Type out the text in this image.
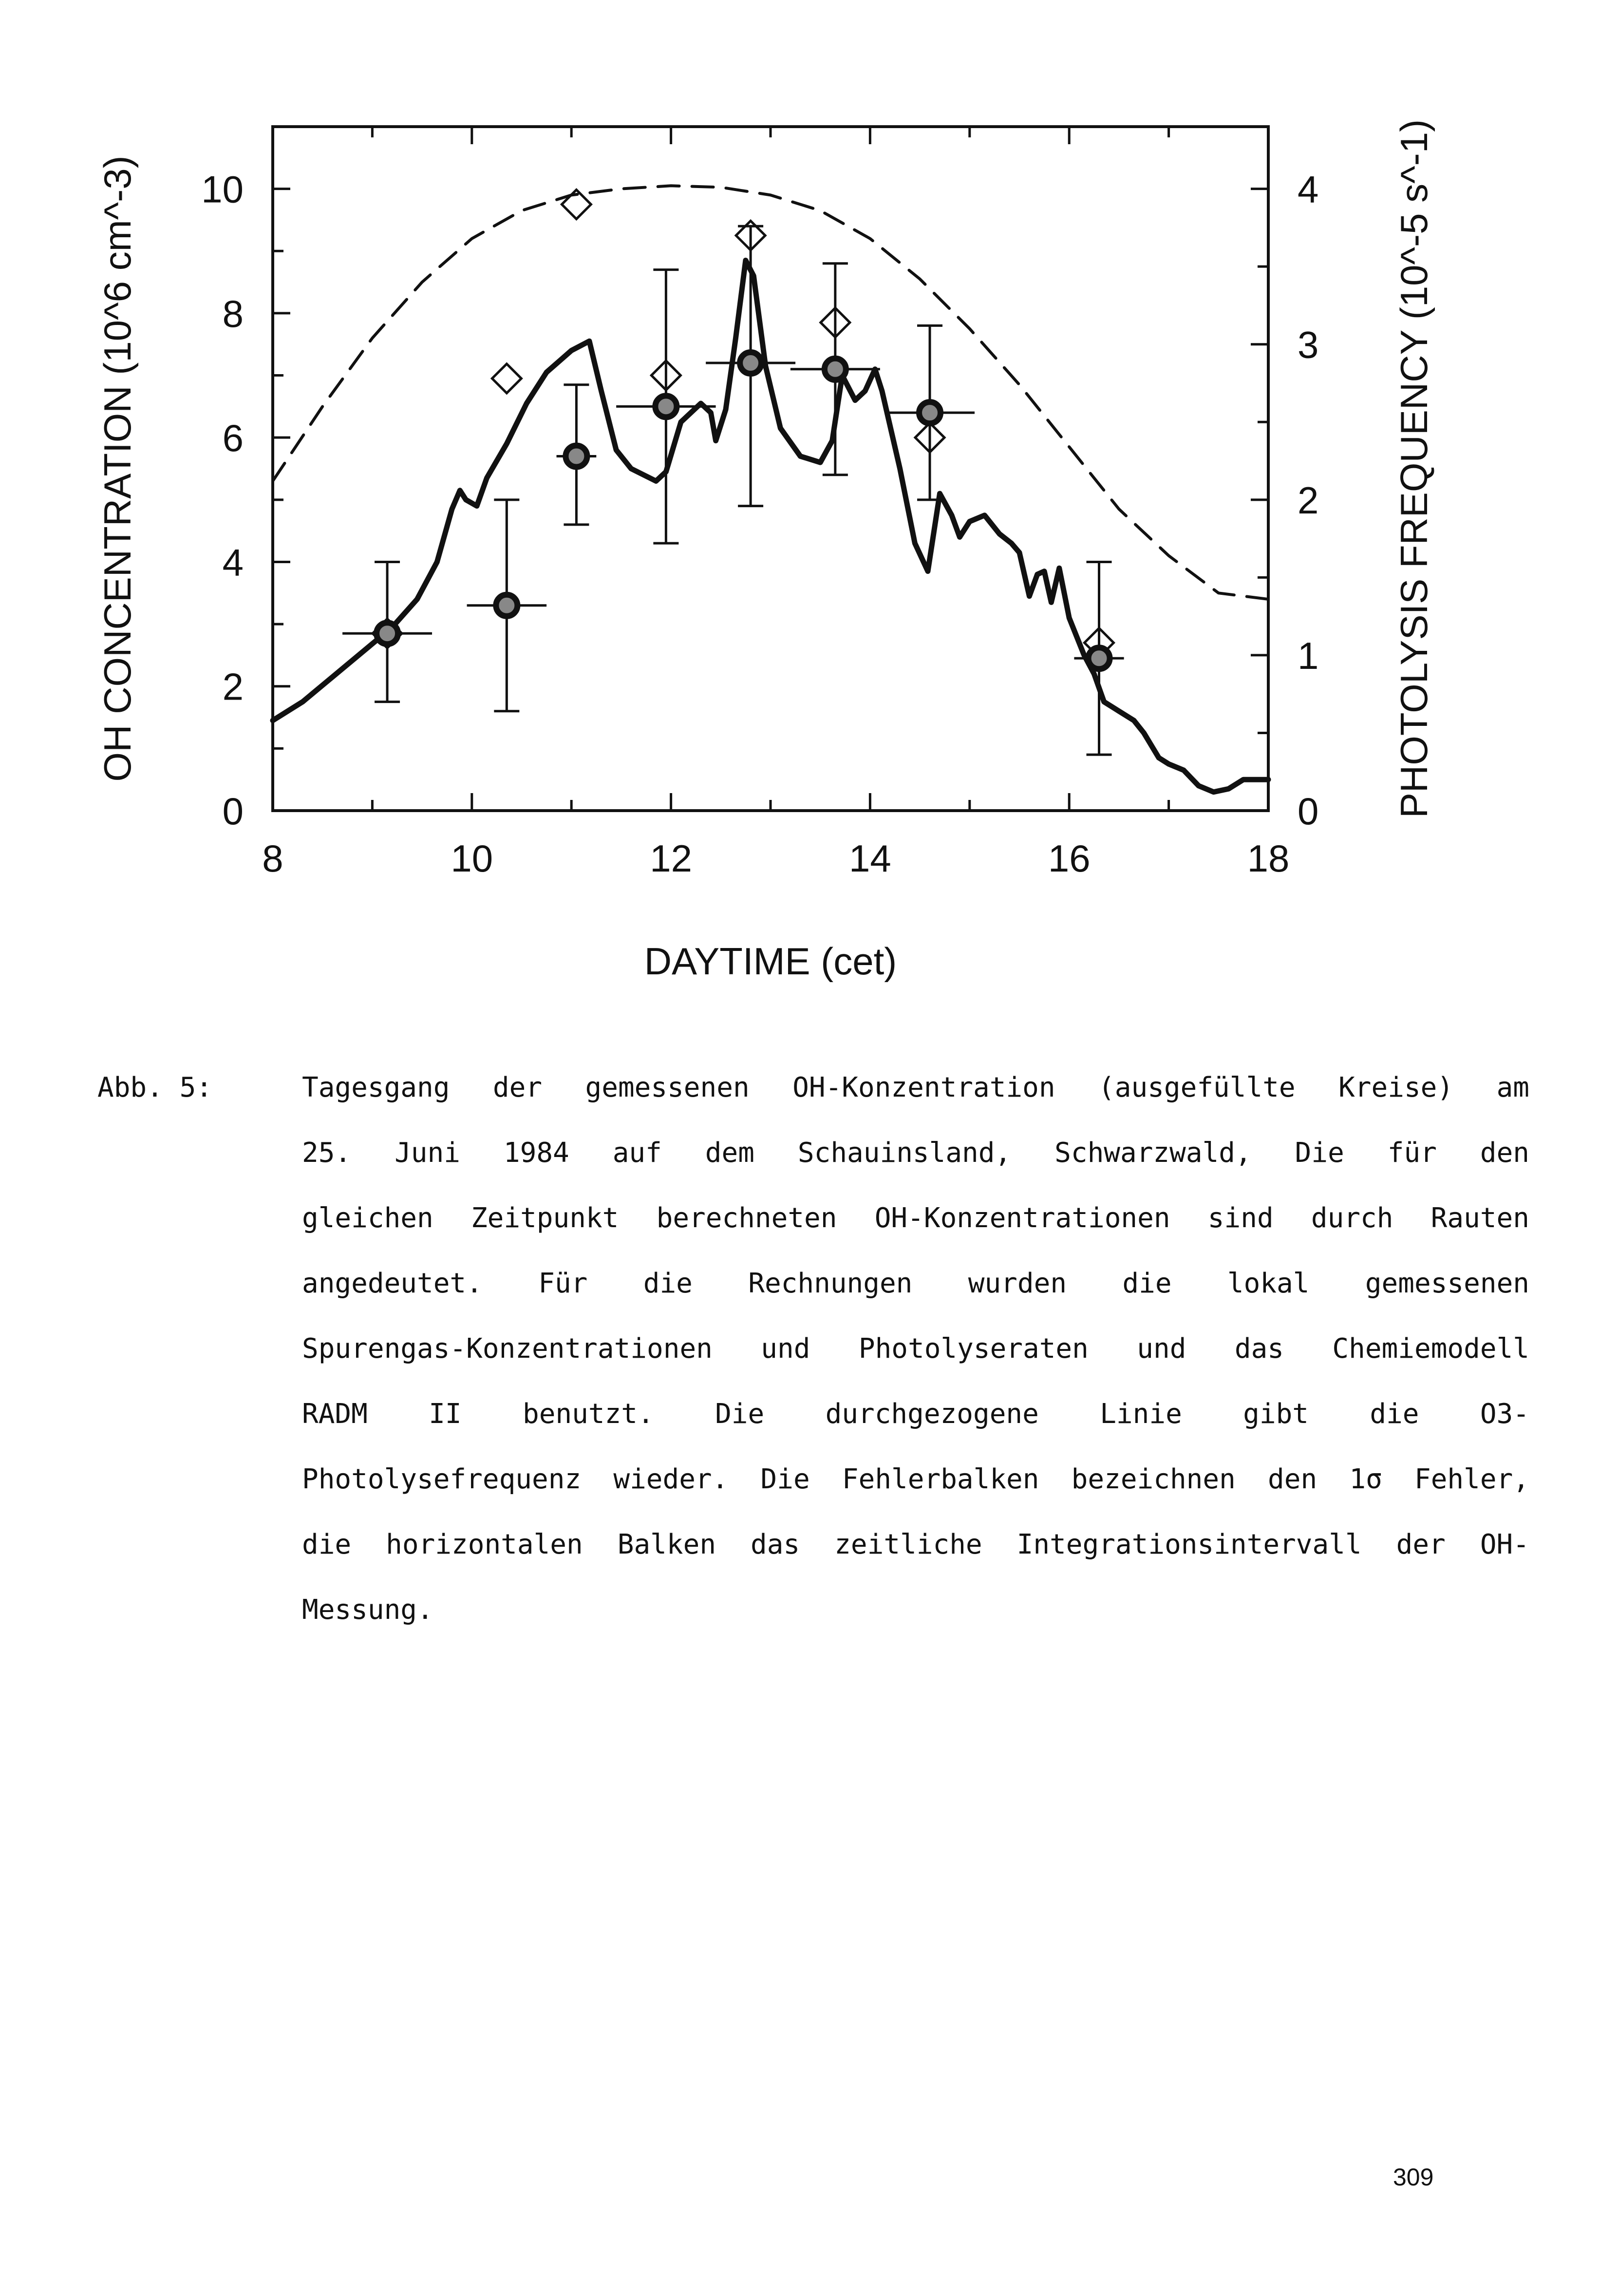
8	10	12	14	16	18
0
2
4
6
8
10
0
1
2
3
4
DAYTIME (cet)
OH CONCENTRATION (10^6 cm^-3)	PHOTOLYSIS FREQUENCY (10^-5 s^-1)
Abb. 5:	Tagesgang der gemessenen OH-Konzentration (ausgefüllte Kreise) am
25. Juni 1984 auf dem Schauinsland, Schwarzwald, Die für den
gleichen Zeitpunkt berechneten OH-Konzentrationen sind durch Rauten
angedeutet. Für die Rechnungen wurden die lokal gemessenen
Spurengas-Konzentrationen und Photolyseraten und das Chemiemodell
RADM II benutzt. Die durchgezogene Linie gibt die O3-
Photolysefrequenz wieder. Die Fehlerbalken bezeichnen den 1σ Fehler,
die horizontalen Balken das zeitliche Integrationsintervall der OH-
Messung.
309
